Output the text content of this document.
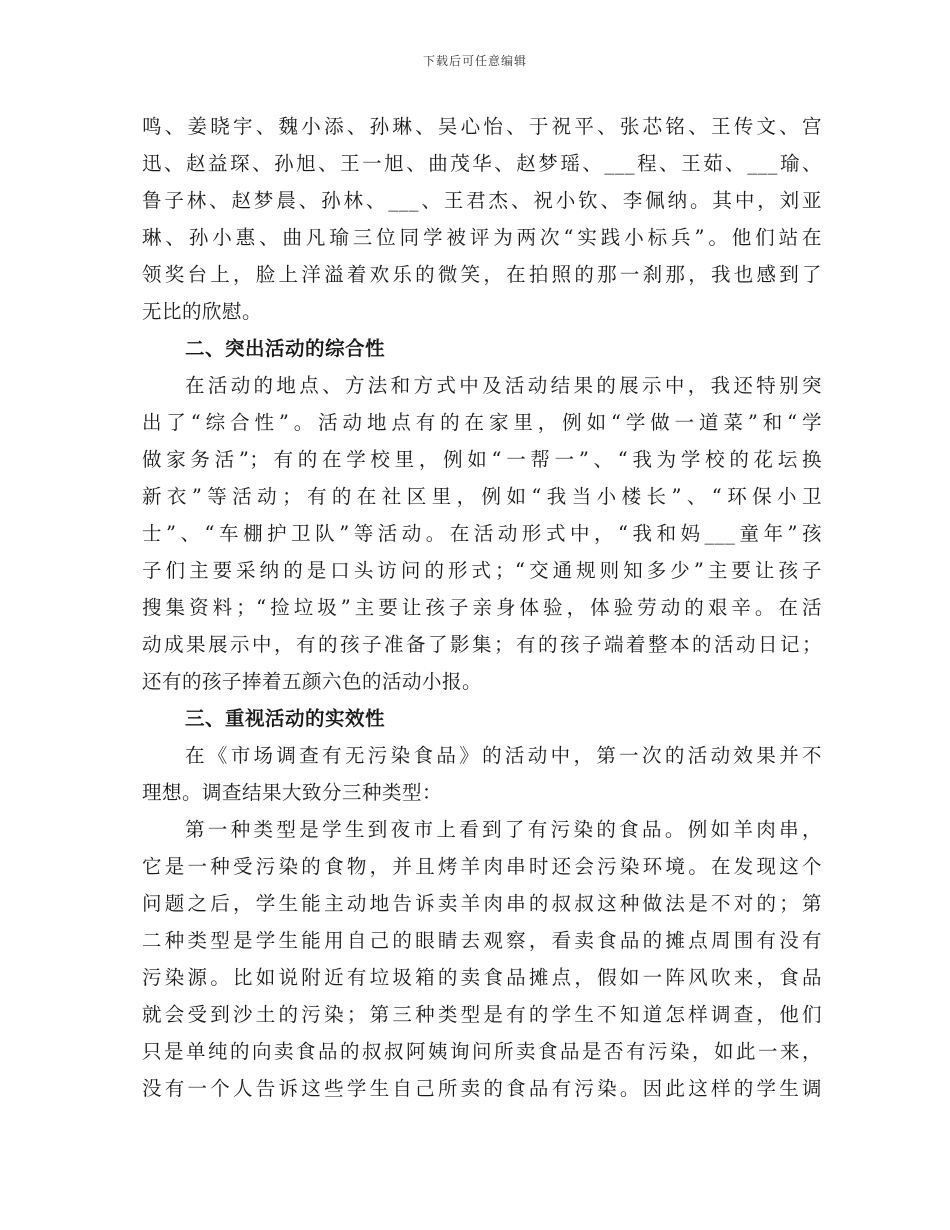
下载后可任意编辑
鸣、姜晓宇、魏小添、孙琳、吴心怡、于祝平、张芯铭、王传文、宫
迅、赵益琛、孙旭、王一旭、曲茂华、赵梦瑶、___程、王茹、___瑜、
鲁子林、赵梦晨、孙林、___、王君杰、祝小钦、李佩纳。其中，刘亚
琳、孙小惠、曲凡瑜三位同学被评为两次“实践小标兵”。他们站在
领奖台上，脸上洋溢着欢乐的微笑，在拍照的那一刹那，我也感到了
无比的欣慰。
二、突出活动的综合性
在活动的地点、方法和方式中及活动结果的展示中，我还特别突
出了“综合性”。活动地点有的在家里，例如“学做一道菜”和“学
做家务活”；有的在学校里，例如“一帮一”、“我为学校的花坛换
新衣”等活动；有的在社区里，例如“我当小楼长”、“环保小卫
士”、“车棚护卫队”等活动。在活动形式中，“我和妈___童年”孩
子们主要采纳的是口头访问的形式；“交通规则知多少”主要让孩子
搜集资料；“捡垃圾”主要让孩子亲身体验，体验劳动的艰辛。在活
动成果展示中，有的孩子准备了影集；有的孩子端着整本的活动日记；
还有的孩子捧着五颜六色的活动小报。
三、重视活动的实效性
在《市场调查有无污染食品》的活动中，第一次的活动效果并不
理想。调查结果大致分三种类型：
第一种类型是学生到夜市上看到了有污染的食品。例如羊肉串，
它是一种受污染的食物，并且烤羊肉串时还会污染环境。在发现这个
问题之后，学生能主动地告诉卖羊肉串的叔叔这种做法是不对的；第
二种类型是学生能用自己的眼睛去观察，看卖食品的摊点周围有没有
污染源。比如说附近有垃圾箱的卖食品摊点，假如一阵风吹来，食品
就会受到沙土的污染；第三种类型是有的学生不知道怎样调查，他们
只是单纯的向卖食品的叔叔阿姨询问所卖食品是否有污染，如此一来，
没有一个人告诉这些学生自己所卖的食品有污染。因此这样的学生调
